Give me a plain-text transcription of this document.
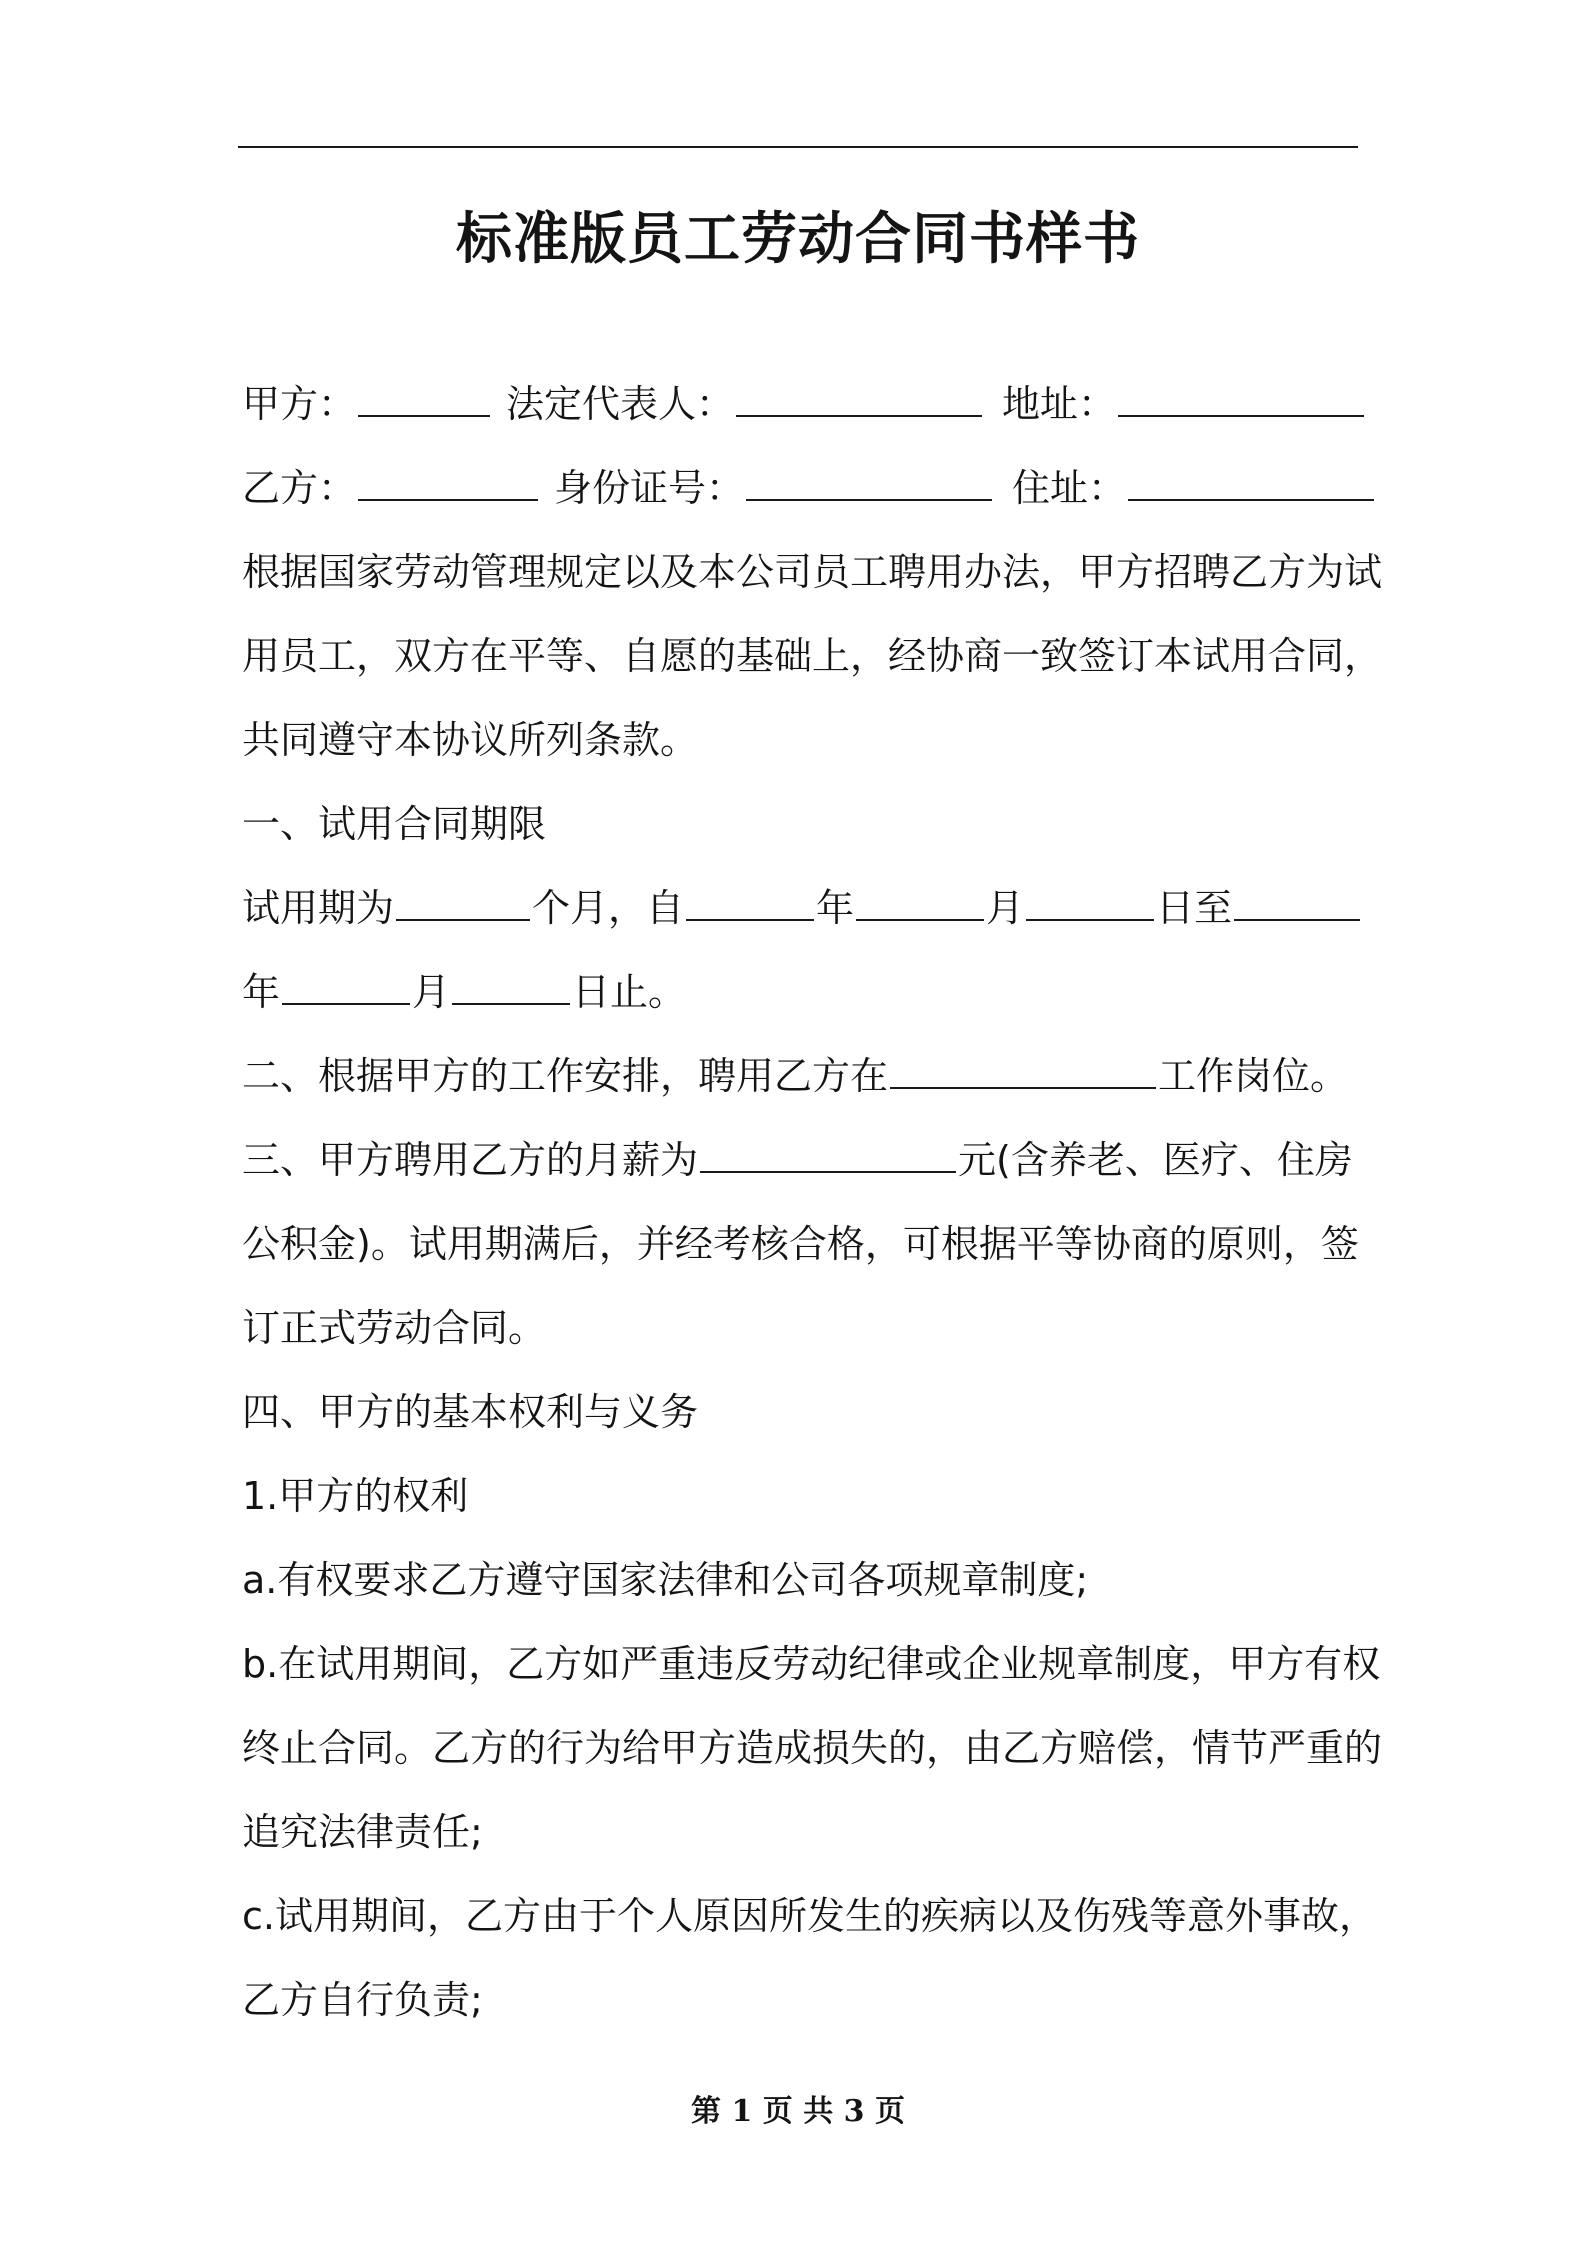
标准版员工劳动合同书样书
甲方：	法定代表人：	地址：
乙方：	身份证号：	住址：
根据国家劳动管理规定以及本公司员工聘用办法，甲方招聘乙方为试
用员工，双方在平等、自愿的基础上，经协商一致签订本试用合同，
共同遵守本协议所列条款。
一、试用合同期限
试用期为	个月，自	年	月	日至
年	月	日止。
二、根据甲方的工作安排，聘用乙方在	工作岗位。
三、甲方聘用乙方的月薪为	元(含养老、医疗、住房
公积金)。试用期满后，并经考核合格，可根据平等协商的原则，签
订正式劳动合同。
四、甲方的基本权利与义务
1.甲方的权利
a.有权要求乙方遵守国家法律和公司各项规章制度;
b.在试用期间，乙方如严重违反劳动纪律或企业规章制度，甲方有权
终止合同。乙方的行为给甲方造成损失的，由乙方赔偿，情节严重的
追究法律责任;
c.试用期间，乙方由于个人原因所发生的疾病以及伤残等意外事故，
乙方自行负责;
第 1 页 共 3 页
